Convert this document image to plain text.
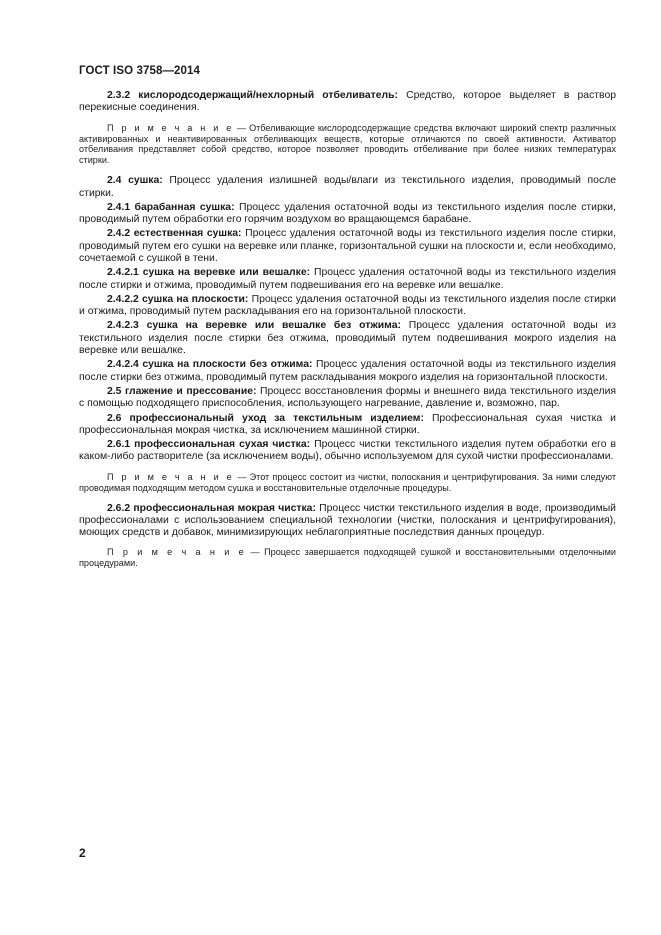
ГОСТ ISO 3758—2014

2.3.2 кислородсодержащий/нехлорный отбеливатель: Средство, которое выделяет в раствор перекисные соединения.

П р и м е ч а н и е — Отбеливающие кислородсодержащие средства включают широкий спектр различных активированных и неактивированных отбеливающих веществ, которые отличаются по своей активности. Активатор отбеливания представляет собой средство, которое позволяет проводить отбеливание при более низких температурах стирки.

2.4 сушка: Процесс удаления излишней воды/влаги из текстильного изделия, проводимый после стирки.

2.4.1 барабанная сушка: Процесс удаления остаточной воды из текстильного изделия после стирки, проводимый путем обработки его горячим воздухом во вращающемся барабане.

2.4.2 естественная сушка: Процесс удаления остаточной воды из текстильного изделия после стирки, проводимый путем его сушки на веревке или планке, горизонтальной сушки на плоскости и, если необходимо, сочетаемой с сушкой в тени.

2.4.2.1 сушка на веревке или вешалке: Процесс удаления остаточной воды из текстильного изделия после стирки и отжима, проводимый путем подвешивания его на веревке или вешалке.

2.4.2.2 сушка на плоскости: Процесс удаления остаточной воды из текстильного изделия после стирки и отжима, проводимый путем раскладывания его на горизонтальной плоскости.

2.4.2.3 сушка на веревке или вешалке без отжима: Процесс удаления остаточной воды из текстильного изделия после стирки без отжима, проводимый путем подвешивания мокрого изделия на веревке или вешалке.

2.4.2.4 сушка на плоскости без отжима: Процесс удаления остаточной воды из текстильного изделия после стирки без отжима, проводимый путем раскладывания мокрого изделия на горизонтальной плоскости.

2.5 глажение и прессование: Процесс восстановления формы и внешнего вида текстильного изделия с помощью подходящего приспособления, использующего нагревание, давление и, возможно, пар.

2.6 профессиональный уход за текстильным изделием: Профессиональная сухая чистка и профессиональная мокрая чистка, за исключением машинной стирки.

2.6.1 профессиональная сухая чистка: Процесс чистки текстильного изделия путем обработки его в каком-либо растворителе (за исключением воды), обычно используемом для сухой чистки профессионалами.

П р и м е ч а н и е — Этот процесс состоит из чистки, полоскания и центрифугирования. За ними следуют проводимая подходящим методом сушка и восстановительные отделочные процедуры.

2.6.2 профессиональная мокрая чистка: Процесс чистки текстильного изделия в воде, производимый профессионалами с использованием специальной технологии (чистки, полоскания и центрифугирования), моющих средств и добавок, минимизирующих неблагоприятные последствия данных процедур.

П р и м е ч а н и е — Процесс завершается подходящей сушкой и восстановительными отделочными процедурами.

2
